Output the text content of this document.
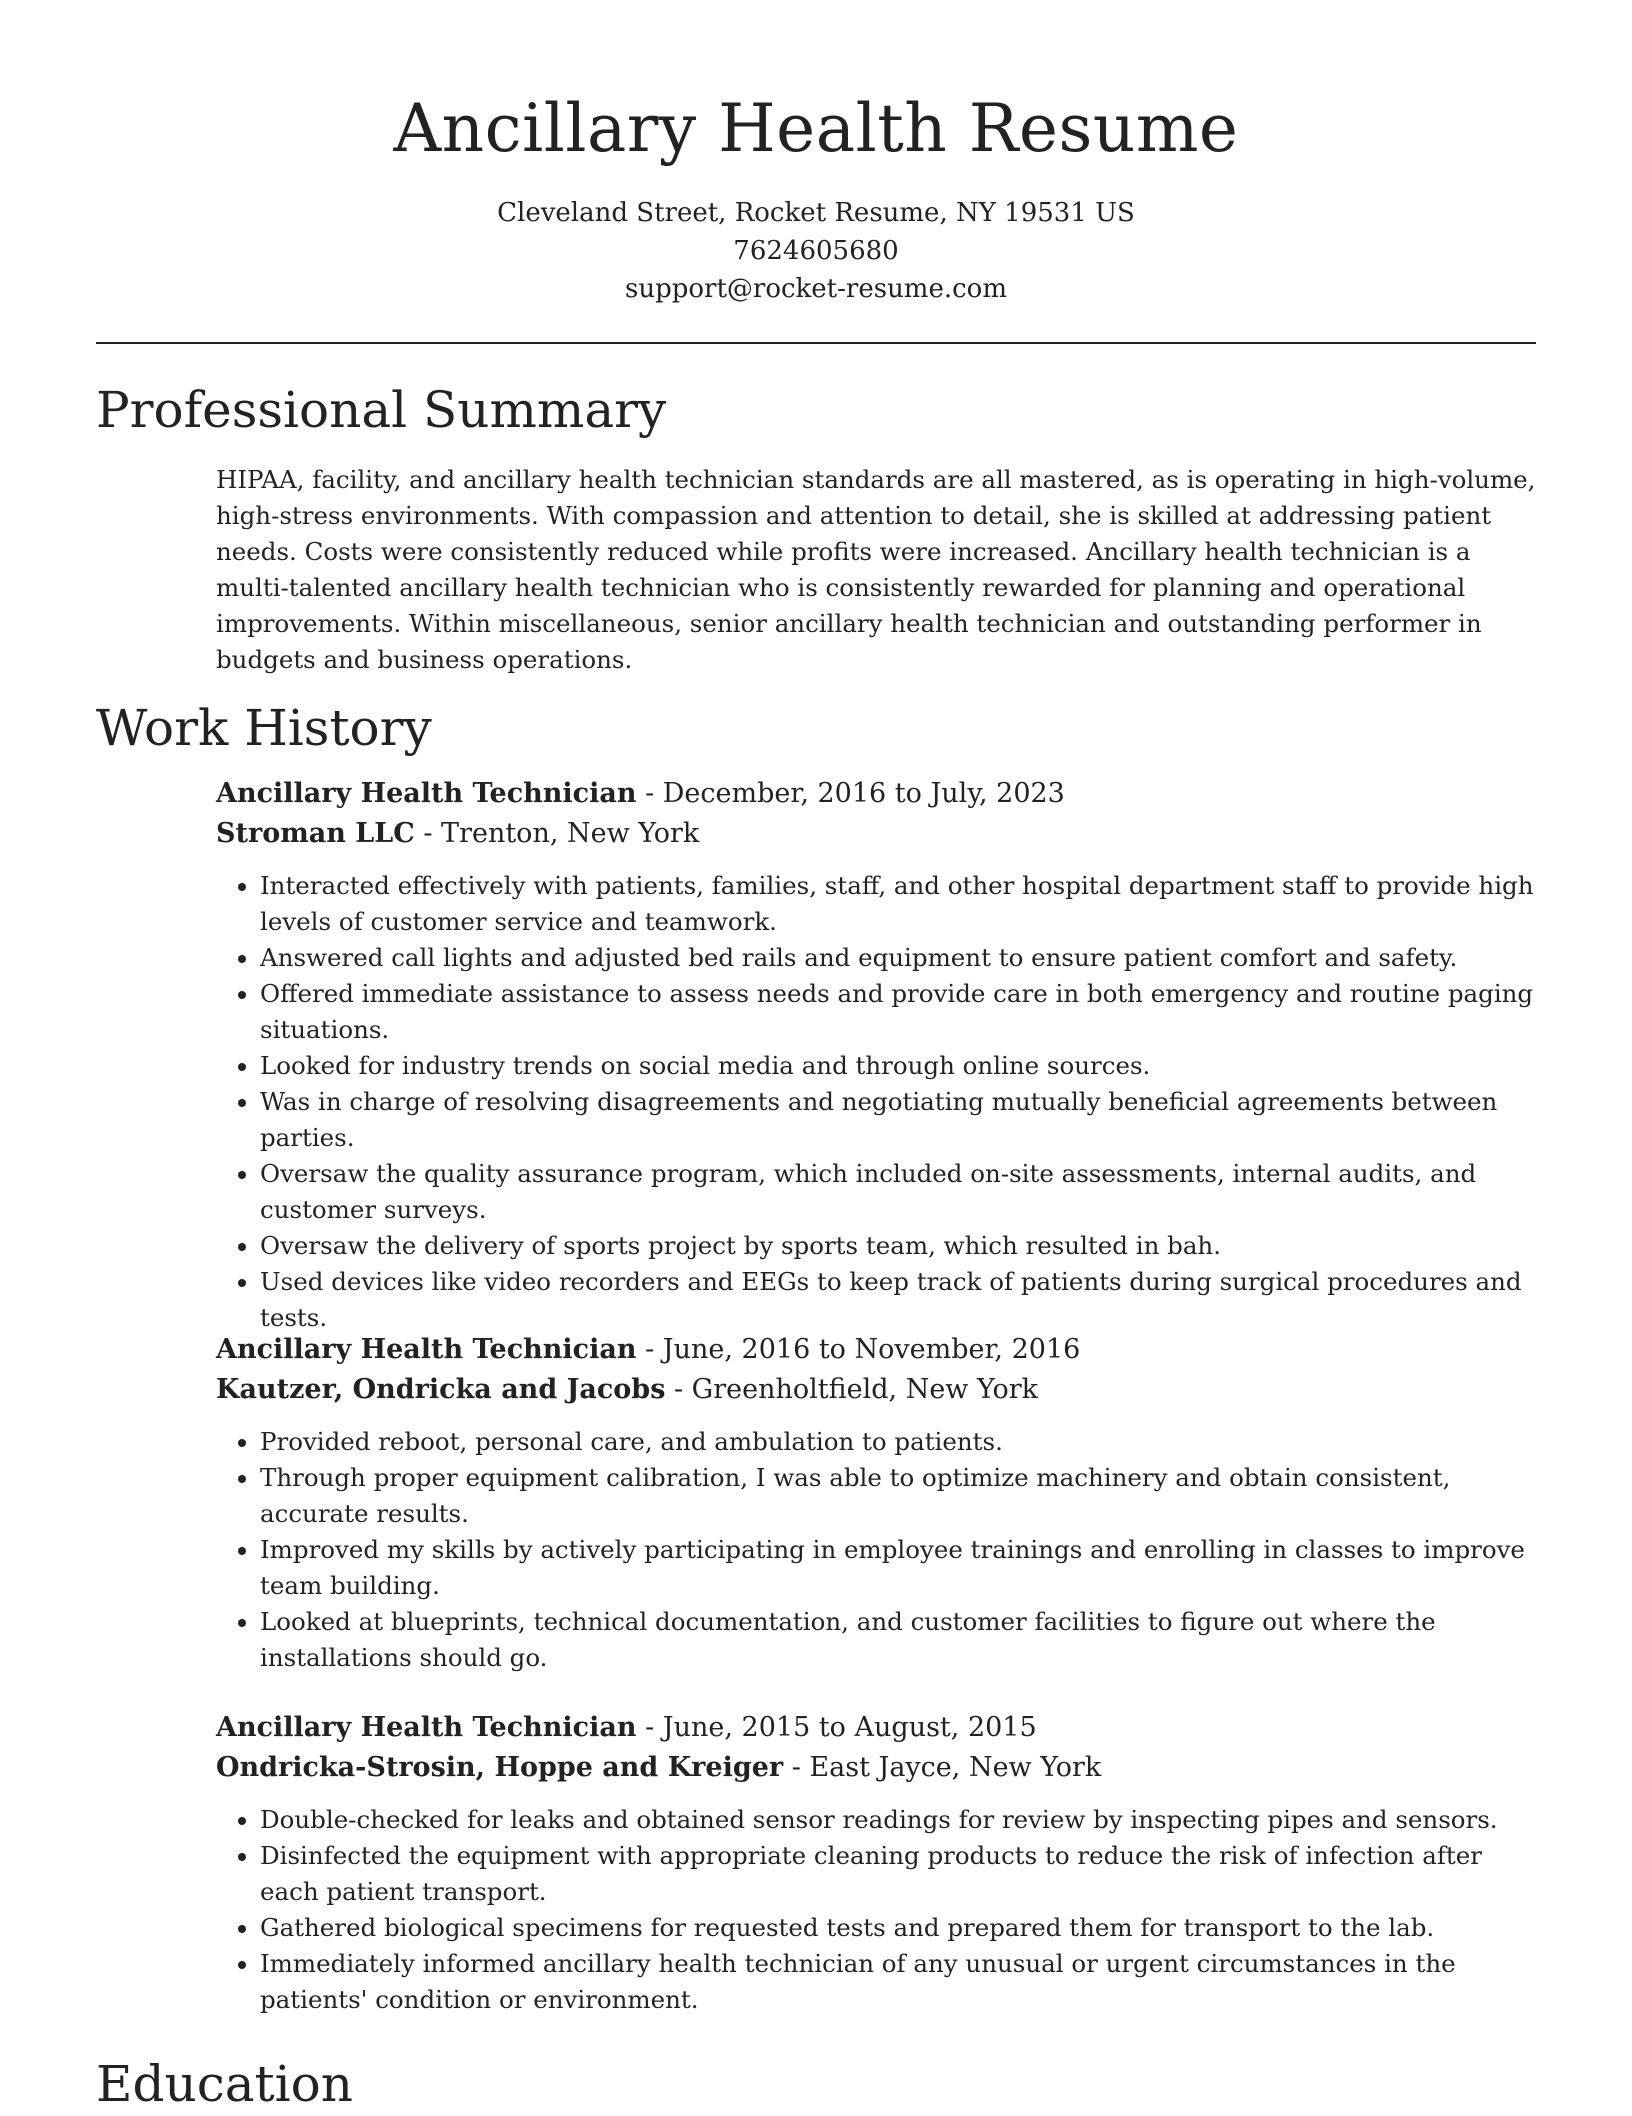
Ancillary Health Resume

Cleveland Street, Rocket Resume, NY 19531 US

7624605680

support@rocket-resume.com

Professional Summary

HIPAA, facility, and ancillary health technician standards are all mastered, as is operating in high-volume, high-stress environments. With compassion and attention to detail, she is skilled at addressing patient needs. Costs were consistently reduced while profits were increased. Ancillary health technician is a multi-talented ancillary health technician who is consistently rewarded for planning and operational improvements. Within miscellaneous, senior ancillary health technician and outstanding performer in budgets and business operations.

Work History

Ancillary Health Technician - December, 2016 to July, 2023

Stroman LLC - Trenton, New York

• Interacted effectively with patients, families, staff, and other hospital department staff to provide high levels of customer service and teamwork.
• Answered call lights and adjusted bed rails and equipment to ensure patient comfort and safety.
• Offered immediate assistance to assess needs and provide care in both emergency and routine paging situations.
• Looked for industry trends on social media and through online sources.
• Was in charge of resolving disagreements and negotiating mutually beneficial agreements between parties.
• Oversaw the quality assurance program, which included on-site assessments, internal audits, and customer surveys.
• Oversaw the delivery of sports project by sports team, which resulted in bah.
• Used devices like video recorders and EEGs to keep track of patients during surgical procedures and tests.

Ancillary Health Technician - June, 2016 to November, 2016

Kautzer, Ondricka and Jacobs - Greenholtfield, New York

• Provided reboot, personal care, and ambulation to patients.
• Through proper equipment calibration, I was able to optimize machinery and obtain consistent, accurate results.
• Improved my skills by actively participating in employee trainings and enrolling in classes to improve team building.
• Looked at blueprints, technical documentation, and customer facilities to figure out where the installations should go.

Ancillary Health Technician - June, 2015 to August, 2015

Ondricka-Strosin, Hoppe and Kreiger - East Jayce, New York

• Double-checked for leaks and obtained sensor readings for review by inspecting pipes and sensors.
• Disinfected the equipment with appropriate cleaning products to reduce the risk of infection after each patient transport.
• Gathered biological specimens for requested tests and prepared them for transport to the lab.
• Immediately informed ancillary health technician of any unusual or urgent circumstances in the patients' condition or environment.
Education
